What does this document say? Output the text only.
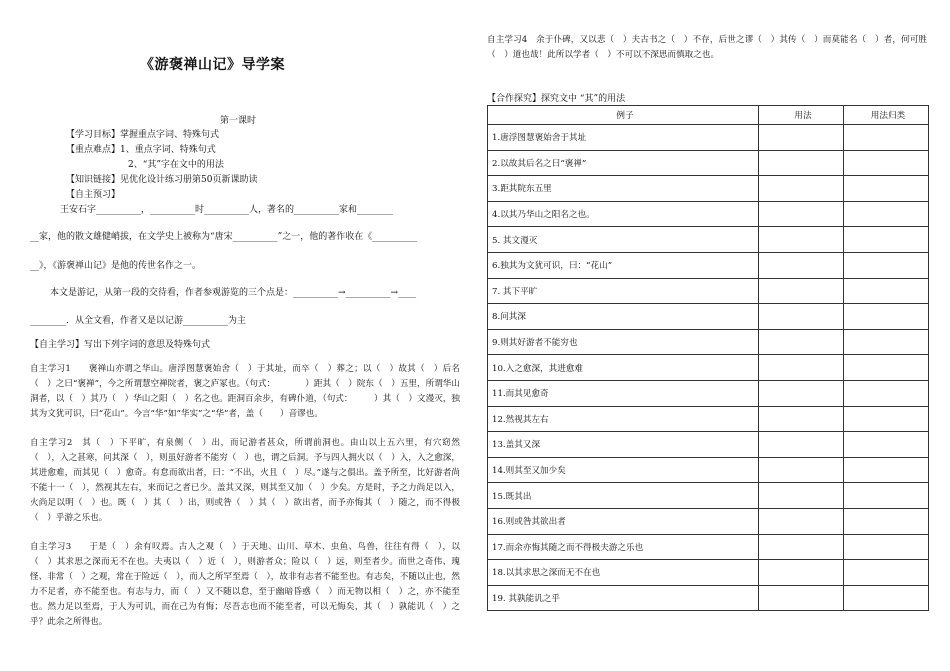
《游褒禅山记》导学案
第一课时
【学习目标】掌握重点字词、特殊句式
【重点难点】1、重点字词、特殊句式
2、“其”字在文中的用法
【知识链接】见优化设计练习册第50页新课助读
【自主预习】
王安石字__________，__________时__________人，著名的__________家和________
__家，他的散文雄健峭拔，在文学史上被称为“唐宋__________”之一，他的著作收在《__________
__》，《游褒禅山记》是他的传世名作之一。
本文是游记，从第一段的交待看，作者参观游览的三个点是：__________→__________→____
________．从全文看，作者又是以记游__________为主
【自主学习】写出下列字词的意思及特殊句式
自主学习1　　褒禅山亦谓之华山。唐浮图慧褒始舍（　）于其址，而卒（　）葬之；以（　）故其（　）后名（　）之曰“褒禅”，今之所谓慧空禅院者，褒之庐冢也。（句式：　　　　）距其（　）院东（　）五里，所谓华山洞者，以（　）其乃（　）华山之阳（　）名之也。距洞百余步，有碑仆道，（句式：　　　）其（　）文漫灭，独其为文犹可识，曰“花山”。今言“华”如“华实”之“华”者，盖（　　）音谬也。
自主学习2　其（　）下平旷，有泉侧（　）出，而记游者甚众，所谓前洞也。由山以上五六里，有穴窈然（　），入之甚寒，问其深（　），则虽好游者不能穷（　）也，谓之后洞。予与四人拥火以（　）入，入之愈深，其进愈难，而其见（　）愈奇。有怠而欲出者，曰：“不出，火且（　）尽。”遂与之俱出。盖予所至，比好游者尚不能十一（　），然视其左右，来而记之者已少。盖其又深，则其至又加（　）少矣。方是时，予之力尚足以入，火尚足以明（　）也。既（　）其（　）出，则或咎（　）其（　）欲出者，而予亦悔其（　）随之，而不得极（　）乎游之乐也。
自主学习3　　于是（　）余有叹焉。古人之观（　）于天地、山川、草木、虫鱼、鸟兽，往往有得（　），以（　）其求思之深而无不在也。夫夷以（　）近（　），则游者众；险以（　）远，则至者少。而世之奇伟、瑰怪、非常（　）之观，常在于险远（　），而人之所罕至焉（　），故非有志者不能至也。有志矣，不随以止也，然力不足者，亦不能至也。有志与力，而（　）又不随以怠，至于幽暗昏惑（　）而无物以相（　）之，亦不能至也。然力足以至焉，于人为可讥，而在己为有悔；尽吾志也而不能至者，可以无悔矣，其（　）孰能讥（　）之乎？此余之所得也。
自主学习4　余于仆碑，又以悲（　）夫古书之（　）不存，后世之谬（　）其传（　）而莫能名（　）者，何可胜（　）道也哉！此所以学者（　）不可以不深思而慎取之也。
【合作探究】探究文中 “其”的用法
例子	用法	用法归类
1.唐浮图慧褒始舍于其址		
2.以故其后名之曰“褒禅”		
3.距其院东五里		
4.以其乃华山之阳名之也。		
5. 其文漫灭		
6.独其为文犹可识，曰：“花山”		
7. 其下平旷		
8.问其深		
9.则其好游者不能穷也		
10.入之愈深，其进愈难		
11.而其见愈奇		
12.然视其左右		
13.盖其又深		
14.则其至又加少矣		
15.既其出		
16.则或咎其欲出者		
17.而余亦悔其随之而不得极夫游之乐也		
18.以其求思之深而无不在也		
19. 其孰能讥之乎		
